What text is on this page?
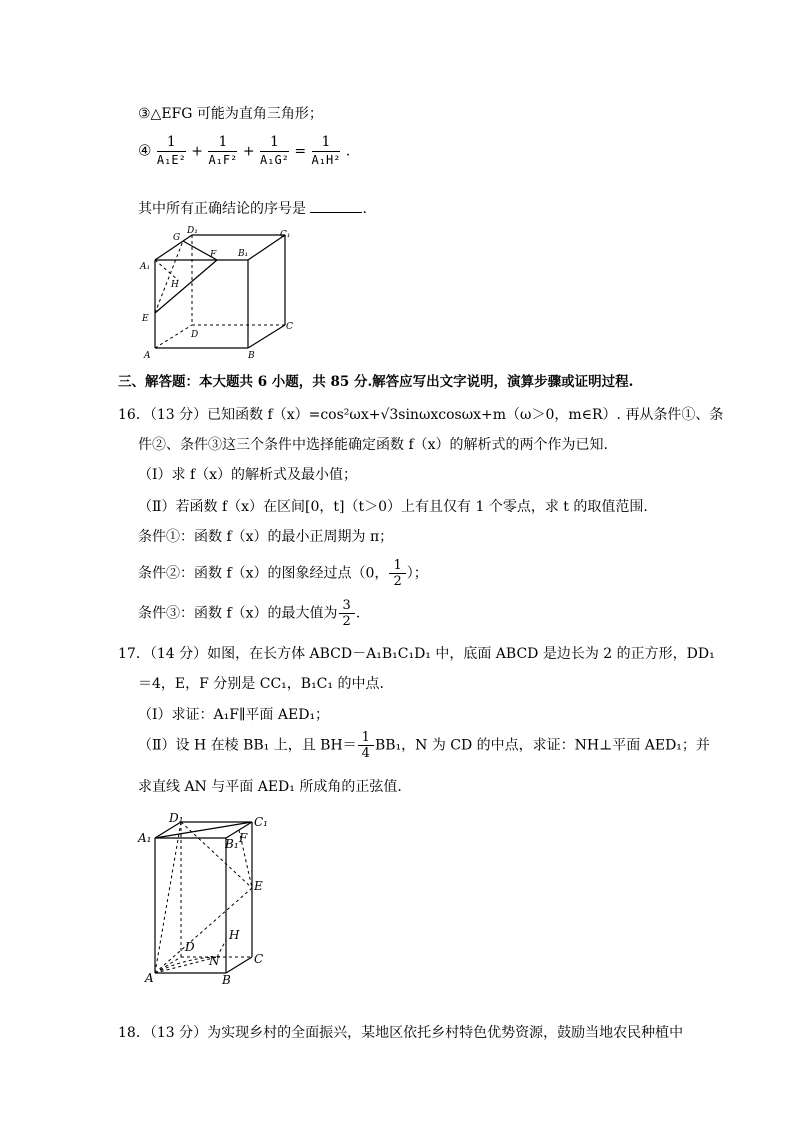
③△EFG 可能为直角三角形；
④ $\frac{1}{\text{A₁E²}} + \frac{1}{\text{A₁F²}} + \frac{1}{\text{A₁G²}} = \frac{1}{\text{A₁H²}}$ .
其中所有正确结论的序号是	.
G
D₁	C₁
A₁
B₁
F
H
E
D
C
A	B
三、解答题：本大题共 6 小题，共 85 分.解答应写出文字说明，演算步骤或证明过程.
16．（13 分）已知函数 f（x）=cos²ωx+√3sinωxcosωx+m（ω＞0，m∈R）. 再从条件①、条
件②、条件③这三个条件中选择能确定函数 f（x）的解析式的两个作为已知.
（Ⅰ）求 f（x）的解析式及最小值；
（Ⅱ）若函数 f（x）在区间[0，t]（t＞0）上有且仅有 1 个零点，求 t 的取值范围.
条件①：函数 f（x）的最小正周期为 π；
条件②：函数 f（x）的图象经过点（0， $\frac{1}{2}$ ）；
条件③：函数 f（x）的最大值为 $\frac{3}{2}$ .
17．（14 分）如图，在长方体 ABCD－A₁B₁C₁D₁ 中，底面 ABCD 是边长为 2 的正方形，DD₁
＝4，E，F 分别是 CC₁，B₁C₁ 的中点.
（Ⅰ）求证：A₁F∥平面 AED₁；
（Ⅱ）设 H 在棱 BB₁ 上，且 $BH= \frac{1}{4} BB_1$，N 为 CD 的中点，求证：NH⊥平面 AED₁；并
求直线 AN 与平面 AED₁ 所成角的正弦值.
D₁	C₁
A₁	B₁ F
E
H
D
N	C
A	B
18．（13 分）为实现乡村的全面振兴，某地区依托乡村特色优势资源，鼓励当地农民种植中
